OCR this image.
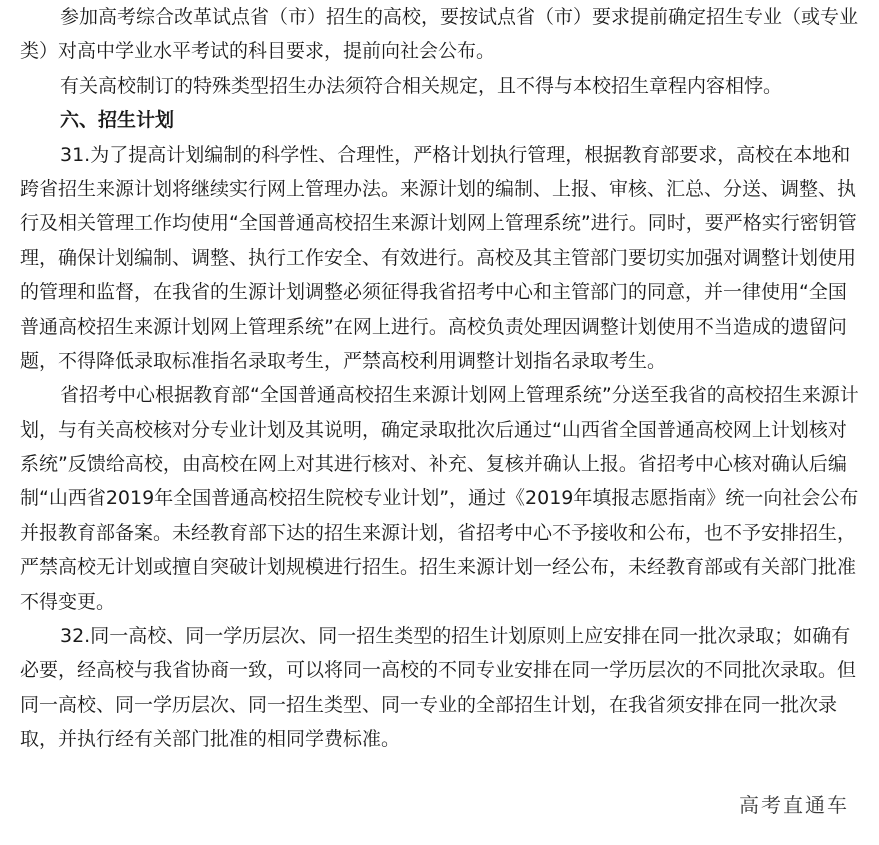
参加高考综合改革试点省（市）招生的高校，要按试点省（市）要求提前确定招生专业（或专业
类）对高中学业水平考试的科目要求，提前向社会公布。
有关高校制订的特殊类型招生办法须符合相关规定，且不得与本校招生章程内容相悖。
六、招生计划
31.为了提高计划编制的科学性、合理性，严格计划执行管理，根据教育部要求，高校在本地和
跨省招生来源计划将继续实行网上管理办法。来源计划的编制、上报、审核、汇总、分送、调整、执
行及相关管理工作均使用“全国普通高校招生来源计划网上管理系统”进行。同时，要严格实行密钥管
理，确保计划编制、调整、执行工作安全、有效进行。高校及其主管部门要切实加强对调整计划使用
的管理和监督，在我省的生源计划调整必须征得我省招考中心和主管部门的同意，并一律使用“全国
普通高校招生来源计划网上管理系统”在网上进行。高校负责处理因调整计划使用不当造成的遗留问
题，不得降低录取标准指名录取考生，严禁高校利用调整计划指名录取考生。
省招考中心根据教育部“全国普通高校招生来源计划网上管理系统”分送至我省的高校招生来源计
划，与有关高校核对分专业计划及其说明，确定录取批次后通过“山西省全国普通高校网上计划核对
系统”反馈给高校，由高校在网上对其进行核对、补充、复核并确认上报。省招考中心核对确认后编
制“山西省2019年全国普通高校招生院校专业计划”，通过《2019年填报志愿指南》统一向社会公布
并报教育部备案。未经教育部下达的招生来源计划，省招考中心不予接收和公布，也不予安排招生，
严禁高校无计划或擅自突破计划规模进行招生。招生来源计划一经公布，未经教育部或有关部门批准
不得变更。
32.同一高校、同一学历层次、同一招生类型的招生计划原则上应安排在同一批次录取；如确有
必要，经高校与我省协商一致，可以将同一高校的不同专业安排在同一学历层次的不同批次录取。但
同一高校、同一学历层次、同一招生类型、同一专业的全部招生计划，在我省须安排在同一批次录
取，并执行经有关部门批准的相同学费标准。
高考直通车
